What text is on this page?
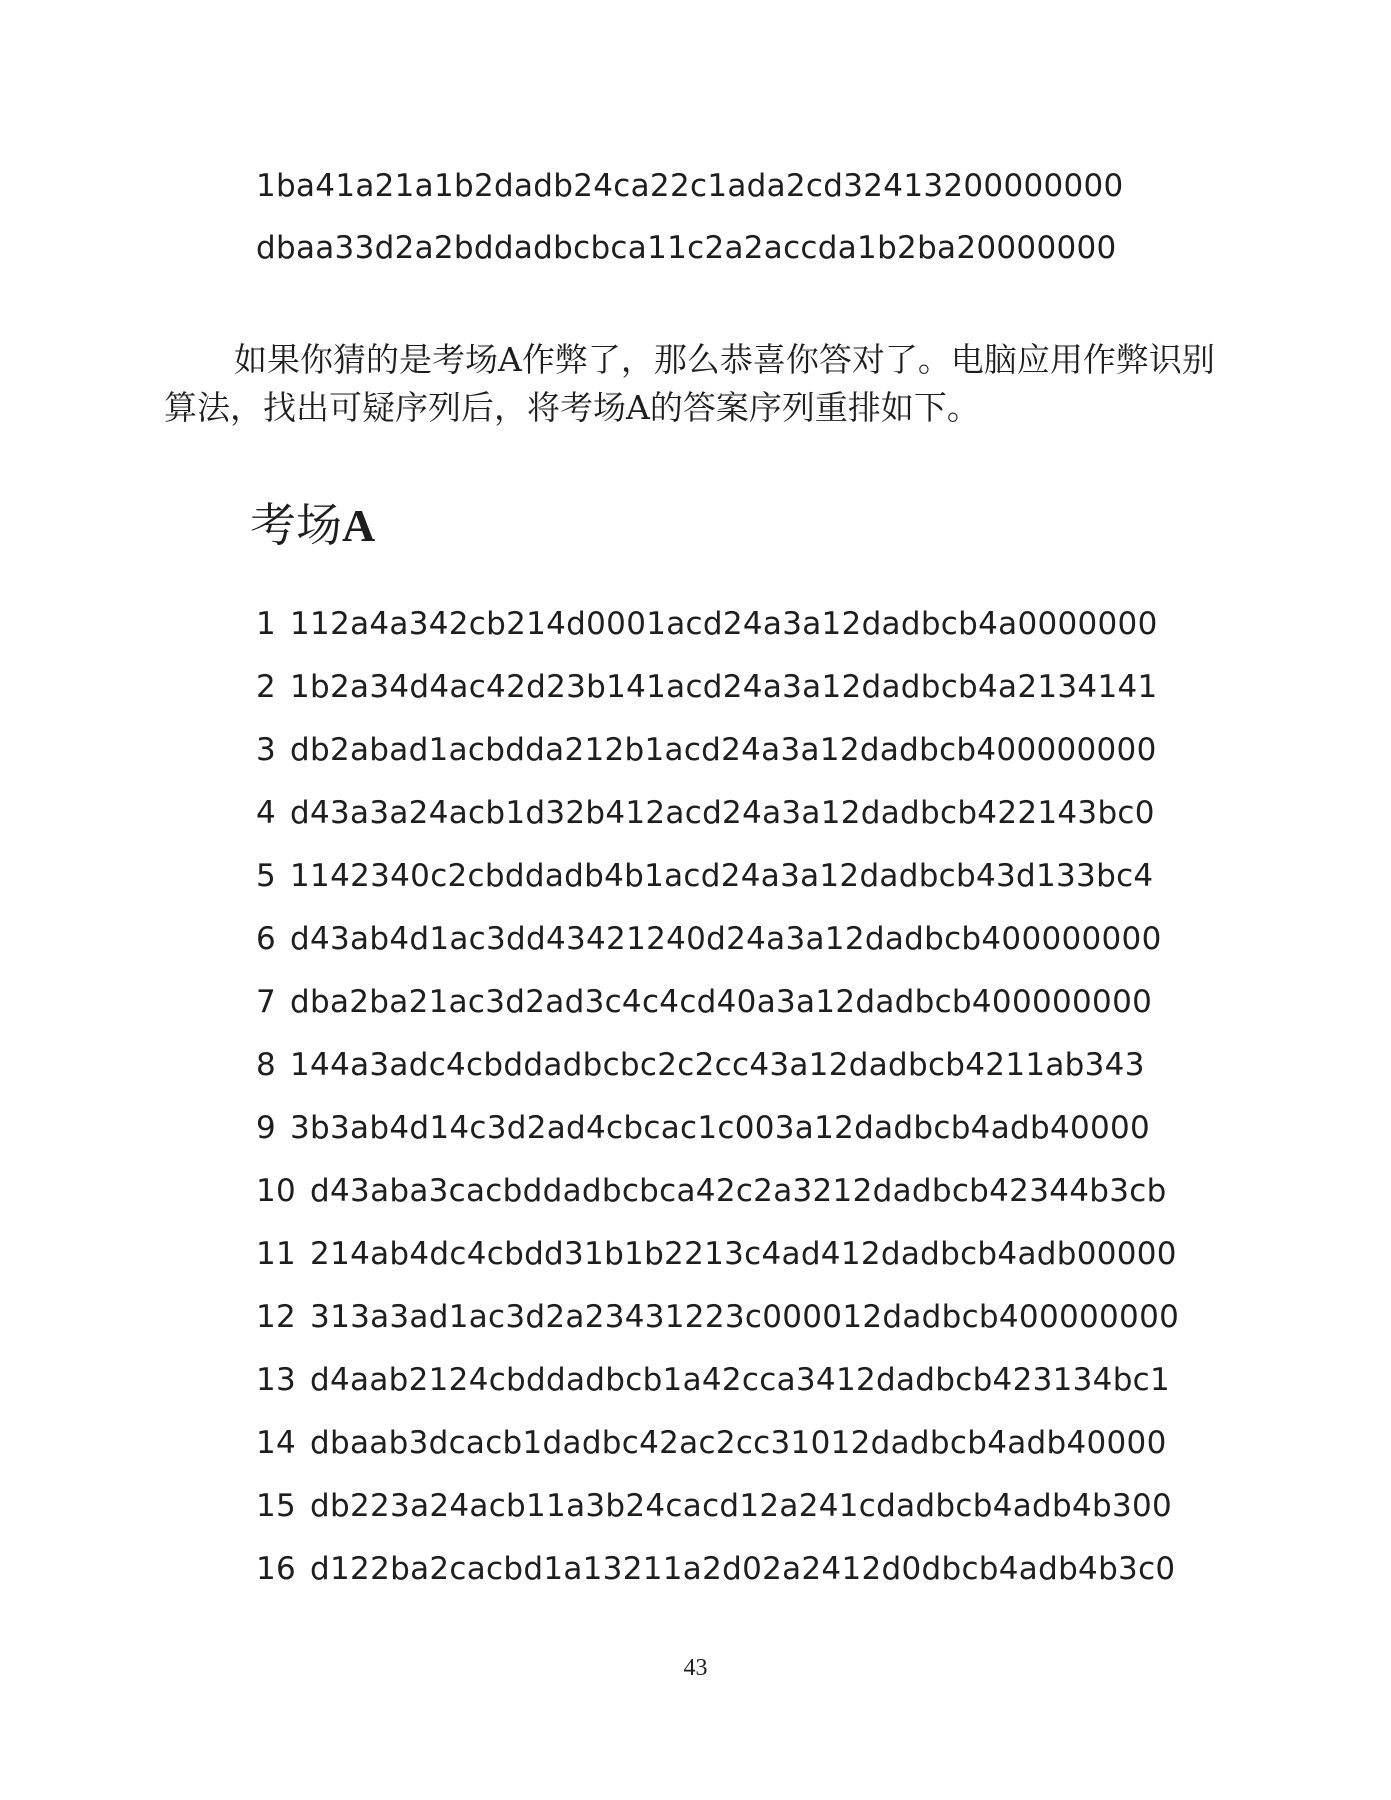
1ba41a21a1b2dadb24ca22c1ada2cd32413200000000
dbaa33d2a2bddadbcbca11c2a2accda1b2ba20000000

如果你猜的是考场A作弊了，那么恭喜你答对了。电脑应用作弊识别算法，找出可疑序列后，将考场A的答案序列重排如下。

考场A
1 112a4a342cb214d0001acd24a3a12dadbcb4a0000000
2 1b2a34d4ac42d23b141acd24a3a12dadbcb4a2134141
3 db2abad1acbdda212b1acd24a3a12dadbcb400000000
4 d43a3a24acb1d32b412acd24a3a12dadbcb422143bc0
5 1142340c2cbddadb4b1acd24a3a12dadbcb43d133bc4
6 d43ab4d1ac3dd43421240d24a3a12dadbcb400000000
7 dba2ba21ac3d2ad3c4c4cd40a3a12dadbcb400000000
8 144a3adc4cbddadbcbc2c2cc43a12dadbcb4211ab343
9 3b3ab4d14c3d2ad4cbcac1c003a12dadbcb4adb40000
10 d43aba3cacbddadbcbca42c2a3212dadbcb42344b3cb
11 214ab4dc4cbdd31b1b2213c4ad412dadbcb4adb00000
12 313a3ad1ac3d2a23431223c000012dadbcb400000000
13 d4aab2124cbddadbcb1a42cca3412dadbcb423134bc1
14 dbaab3dcacb1dadbc42ac2cc31012dadbcb4adb40000
15 db223a24acb11a3b24cacd12a241cdadbcb4adb4b300
16 d122ba2cacbd1a13211a2d02a2412d0dbcb4adb4b3c0
43
